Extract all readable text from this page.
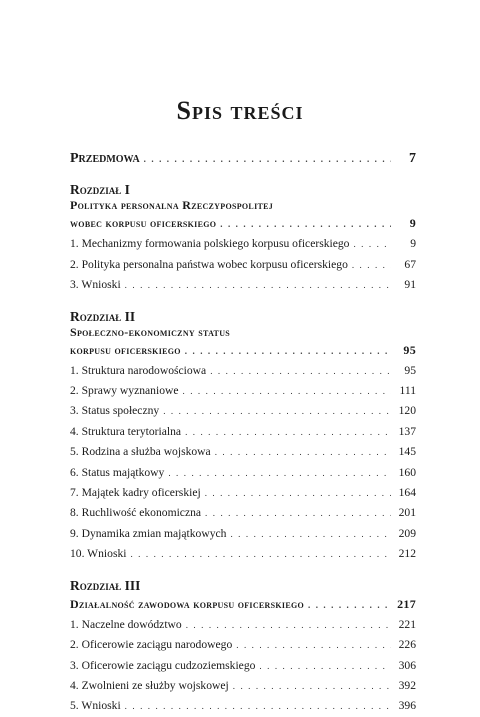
Spis treści
Przedmowa . . .	7
Rozdział I
Polityka personalna Rzeczypospolitej
wobec korpusu oficerskiego . . .	9
1. Mechanizmy formowania polskiego korpusu oficerskiego . . .	9
2. Polityka personalna państwa wobec korpusu oficerskiego . . .	67
3. Wnioski . . .	91
Rozdział II
Społeczno-ekonomiczny status
korpusu oficerskiego . . .	95
1. Struktura narodowościowa . . .	95
2. Sprawy wyznaniowe . . .	111
3. Status społeczny . . .	120
4. Struktura terytorialna . . .	137
5. Rodzina a służba wojskowa . . .	145
6. Status majątkowy . . .	160
7. Majątek kadry oficerskiej . . .	164
8. Ruchliwość ekonomiczna . . .	201
9. Dynamika zmian majątkowych . . .	209
10. Wnioski . . .	212
Rozdział III
Działalność zawodowa korpusu oficerskiego . . .	217
1. Naczelne dowództwo . . .	221
2. Oficerowie zaciągu narodowego . . .	226
3. Oficerowie zaciągu cudzoziemskiego . . .	306
4. Zwolnieni ze służby wojskowej . . .	392
5. Wnioski . . .	396
